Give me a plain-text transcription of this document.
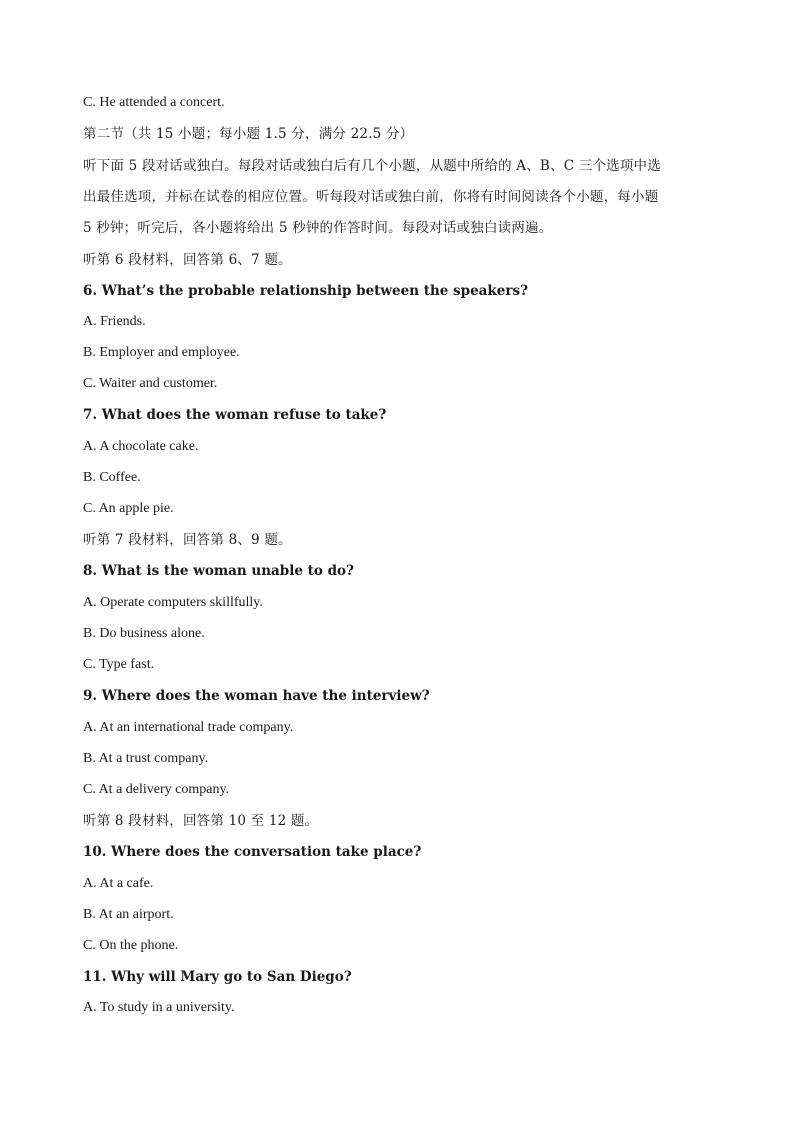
C. He attended a concert.
第二节（共 15 小题；每小题 1.5 分，满分 22.5 分）
听下面 5 段对话或独白。每段对话或独白后有几个小题，从题中所给的 A、B、C 三个选项中选
出最佳选项，并标在试卷的相应位置。听每段对话或独白前，你将有时间阅读各个小题，每小题
5 秒钟；听完后，各小题将给出 5 秒钟的作答时间。每段对话或独白读两遍。
听第 6 段材料，回答第 6、7 题。
6. What’s the probable relationship between the speakers?
A. Friends.
B. Employer and employee.
C. Waiter and customer.
7. What does the woman refuse to take?
A. A chocolate cake.
B. Coffee.
C. An apple pie.
听第 7 段材料，回答第 8、9 题。
8. What is the woman unable to do?
A. Operate computers skillfully.
B. Do business alone.
C. Type fast.
9. Where does the woman have the interview?
A. At an international trade company.
B. At a trust company.
C. At a delivery company.
听第 8 段材料，回答第 10 至 12 题。
10. Where does the conversation take place?
A. At a cafe.
B. At an airport.
C. On the phone.
11. Why will Mary go to San Diego?
A. To study in a university.
